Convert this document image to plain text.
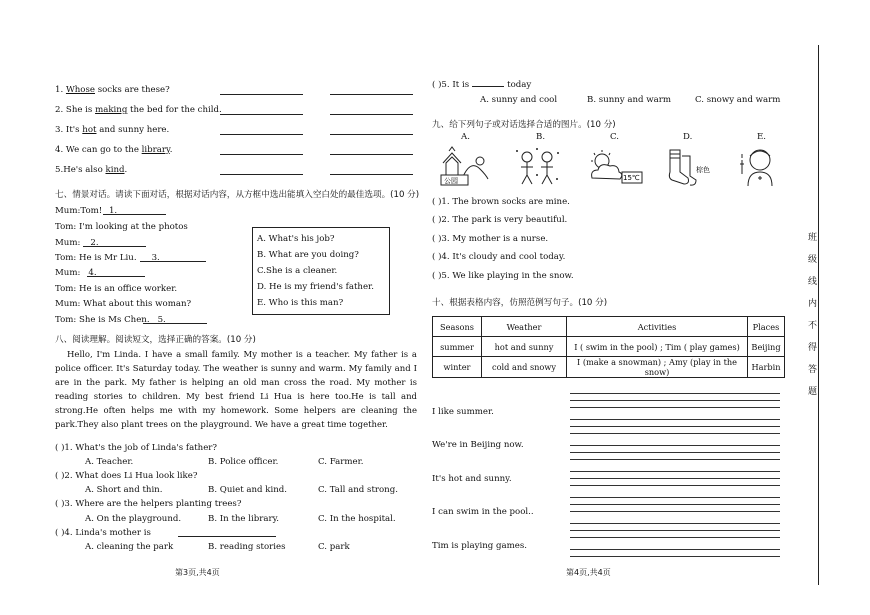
1. Whose socks are these?
2. She is making the bed for the child.
3. It's hot and sunny here.
4. We can go to the library.
5.He's also kind.
七、情景对话。请读下面对话，根据对话内容，从方框中选出能填入空白处的最佳选项。(10 分)
Mum:Tom! 1.
Tom: I'm looking at the photos
Mum: 2.
Tom: He is Mr Liu. 3.
Mum: 4.
Tom: He is an office worker.
Mum: What about this woman?
Tom: She is Ms Chen. 5.
A. What's his job?
B. What are you doing?
C.She is a cleaner.
D. He is my friend's father.
E. Who is this man?
八、阅读理解。阅读短文，选择正确的答案。(10 分)
Hello, I'm Linda. I have a small family. My mother is a teacher. My father is a police officer. It's Saturday today. The weather is sunny and warm. My family and I are in the park. My father is helping an old man cross the road. My mother is reading stories to children. My best friend Li Hua is here too.He is tall and strong.He often helps me with my homework. Some helpers are cleaning the park.They also plant trees on the playground. We have a great time together.
( )1. What's the job of Linda's father?
A. Teacher.	B. Police officer.	C. Farmer.
( )2. What does Li Hua look like?
A. Short and thin.	B. Quiet and kind.	C. Tall and strong.
( )3. Where are the helpers planting trees?
A. On the playground.	B. In the library.	C. In the hospital.
( )4. Linda's mother is
A. cleaning the park	B. reading stories	C. park
第3页,共4页
( )5. It is	today
A. sunny and cool	B. sunny and warm	C. snowy and warm
九、给下列句子或对话选择合适的图片。(10 分)
A.	B.	C.	D.	E.
公园	15℃
棕色
( )1. The brown socks are mine.
( )2. The park is very beautiful.
( )3. My mother is a nurse.
( )4. It's cloudy and cool today.
( )5. We like playing in the snow.
十、根据表格内容，仿照范例写句子。(10 分)
Seasons	Weather	Activities	Places
summer	hot and sunny	I ( swim in the pool) ; Tim ( play games)	Beijing
winter	cold and snowy	I (make a snowman) ; Amy (play in the snow)	Harbin
I like summer.
We're in Beijing now.
It's hot and sunny.
I can swim in the pool..
Tim is playing games.
第4页,共4页
班
级
线
内
不
得
答
题
